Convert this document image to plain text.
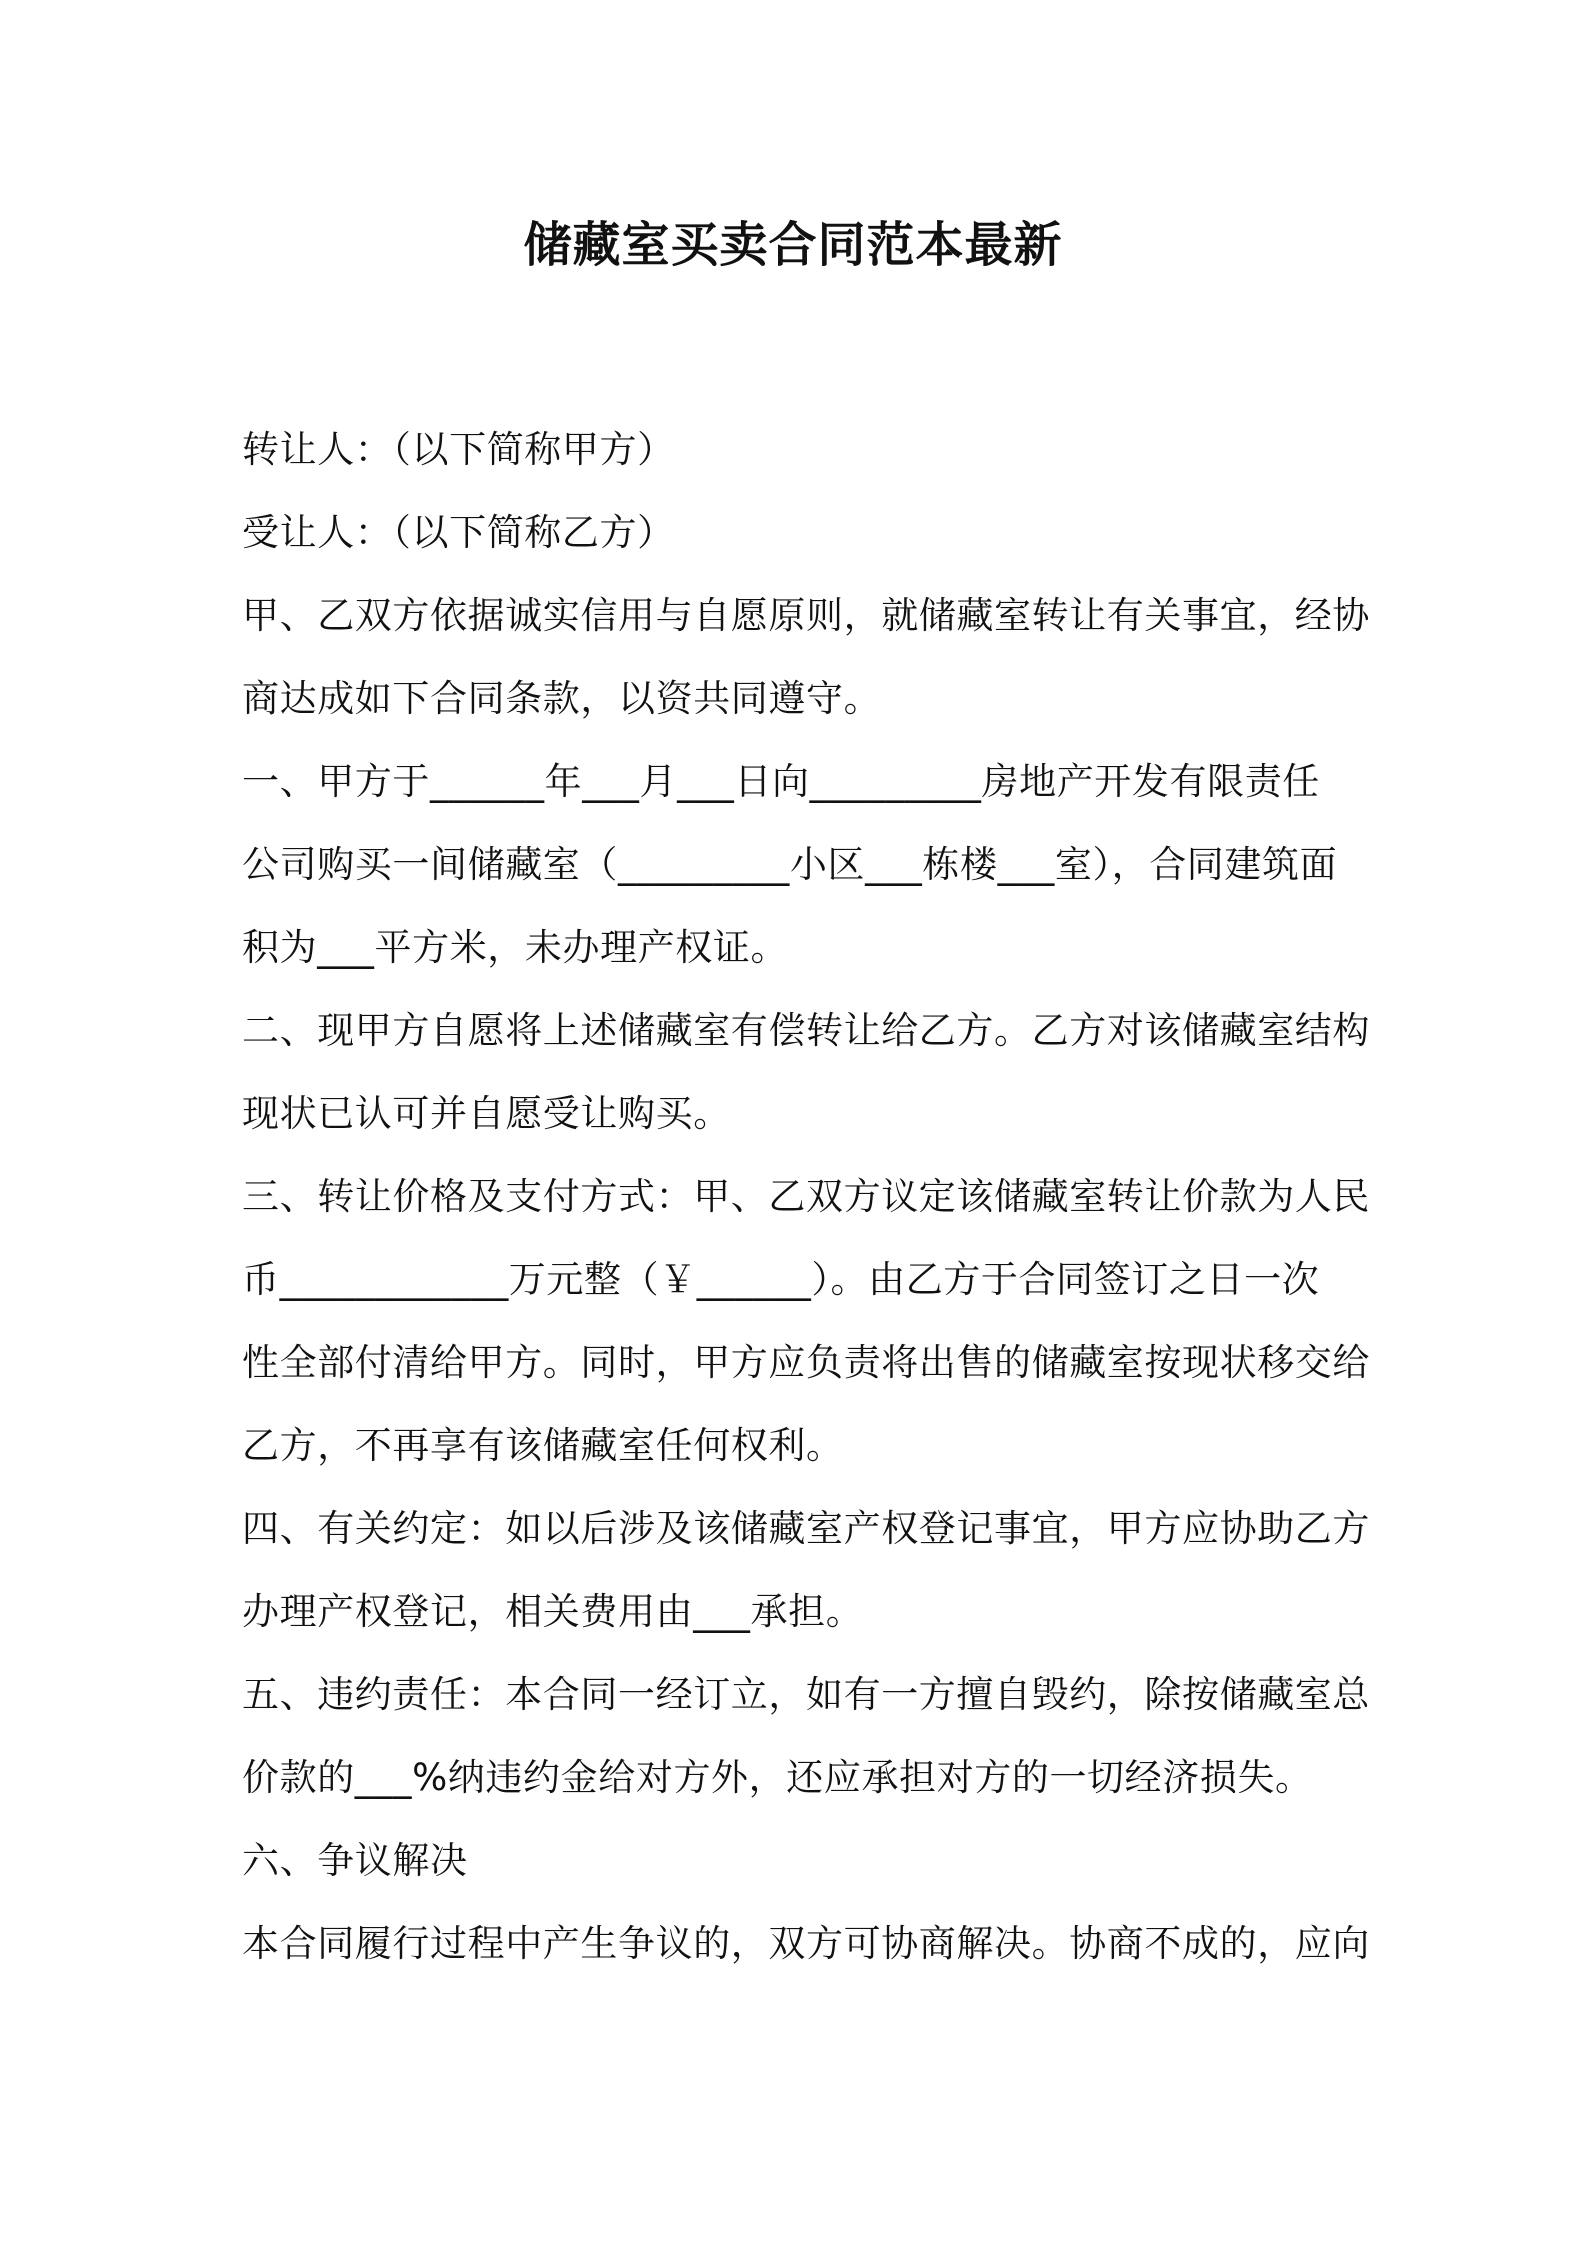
储藏室买卖合同范本最新
转让人：（以下简称甲方）
受让人：（以下简称乙方）
甲、乙双方依据诚实信用与自愿原则，就储藏室转让有关事宜，经协
商达成如下合同条款，以资共同遵守。
一、甲方于______年___月___日向_________房地产开发有限责任
公司购买一间储藏室（_________小区___栋楼___室），合同建筑面
积为___平方米，未办理产权证。
二、现甲方自愿将上述储藏室有偿转让给乙方。乙方对该储藏室结构
现状已认可并自愿受让购买。
三、转让价格及支付方式：甲、乙双方议定该储藏室转让价款为人民
币____________万元整（￥______）。由乙方于合同签订之日一次
性全部付清给甲方。同时，甲方应负责将出售的储藏室按现状移交给
乙方，不再享有该储藏室任何权利。
四、有关约定：如以后涉及该储藏室产权登记事宜，甲方应协助乙方
办理产权登记，相关费用由___承担。
五、违约责任：本合同一经订立，如有一方擅自毁约，除按储藏室总
价款的___%纳违约金给对方外，还应承担对方的一切经济损失。
六、争议解决
本合同履行过程中产生争议的，双方可协商解决。协商不成的，应向
